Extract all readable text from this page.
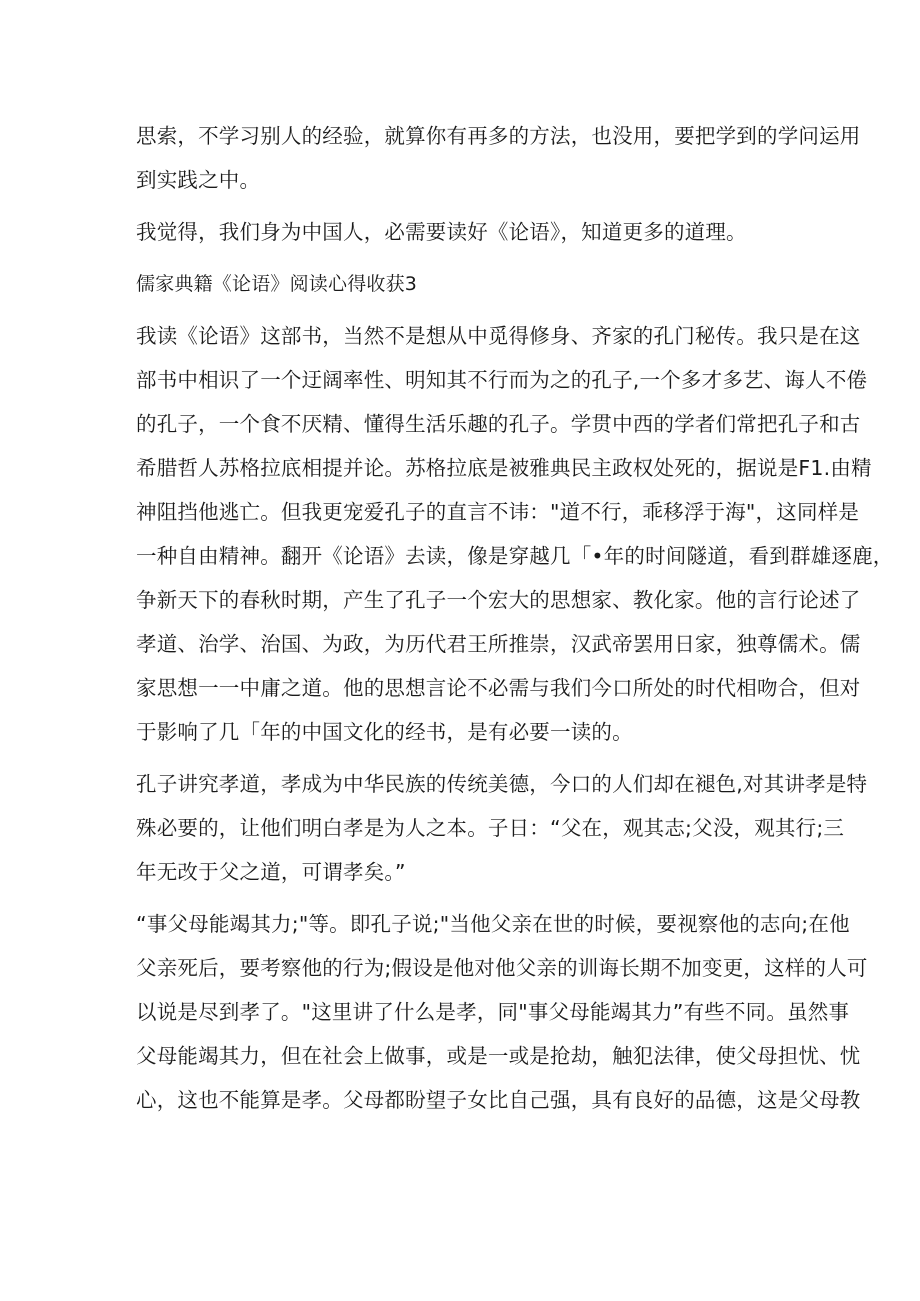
思索，不学习别人的经验，就算你有再多的方法，也没用，要把学到的学问运用
到实践之中。
我觉得，我们身为中国人，必需要读好《论语》，知道更多的道理。
儒家典籍《论语》阅读心得收获3
我读《论语》这部书，当然不是想从中觅得修身、齐家的孔门秘传。我只是在这
部书中相识了一个迂阔率性、明知其不行而为之的孔子,一个多才多艺、诲人不倦
的孔子，一个食不厌精、懂得生活乐趣的孔子。学贯中西的学者们常把孔子和古
希腊哲人苏格拉底相提并论。苏格拉底是被雅典民主政权处死的，据说是F1.由精
神阻挡他逃亡。但我更宠爱孔子的直言不讳："道不行，乖移浮于海"，这同样是
一种自由精神。翻开《论语》去读，像是穿越几「•年的时间隧道，看到群雄逐鹿，
争新天下的春秋时期，产生了孔子一个宏大的思想家、教化家。他的言行论述了
孝道、治学、治国、为政，为历代君王所推崇，汉武帝罢用日家，独尊儒术。儒
家思想一一中庸之道。他的思想言论不必需与我们今口所处的时代相吻合，但对
于影响了几「年的中国文化的经书，是有必要一读的。
孔子讲究孝道，孝成为中华民族的传统美德，今口的人们却在褪色,对其讲孝是特
殊必要的，让他们明白孝是为人之本。子日：“父在，观其志;父没，观其行;三
年无改于父之道，可谓孝矣。”
“事父母能竭其力;"等。即孔子说;"当他父亲在世的时候，要视察他的志向;在他
父亲死后，要考察他的行为;假设是他对他父亲的训诲长期不加变更，这样的人可
以说是尽到孝了。"这里讲了什么是孝，同"事父母能竭其力”有些不同。虽然事
父母能竭其力，但在社会上做事，或是一或是抢劫，触犯法律，使父母担忧、忧
心，这也不能算是孝。父母都盼望子女比自己强，具有良好的品德，这是父母教
